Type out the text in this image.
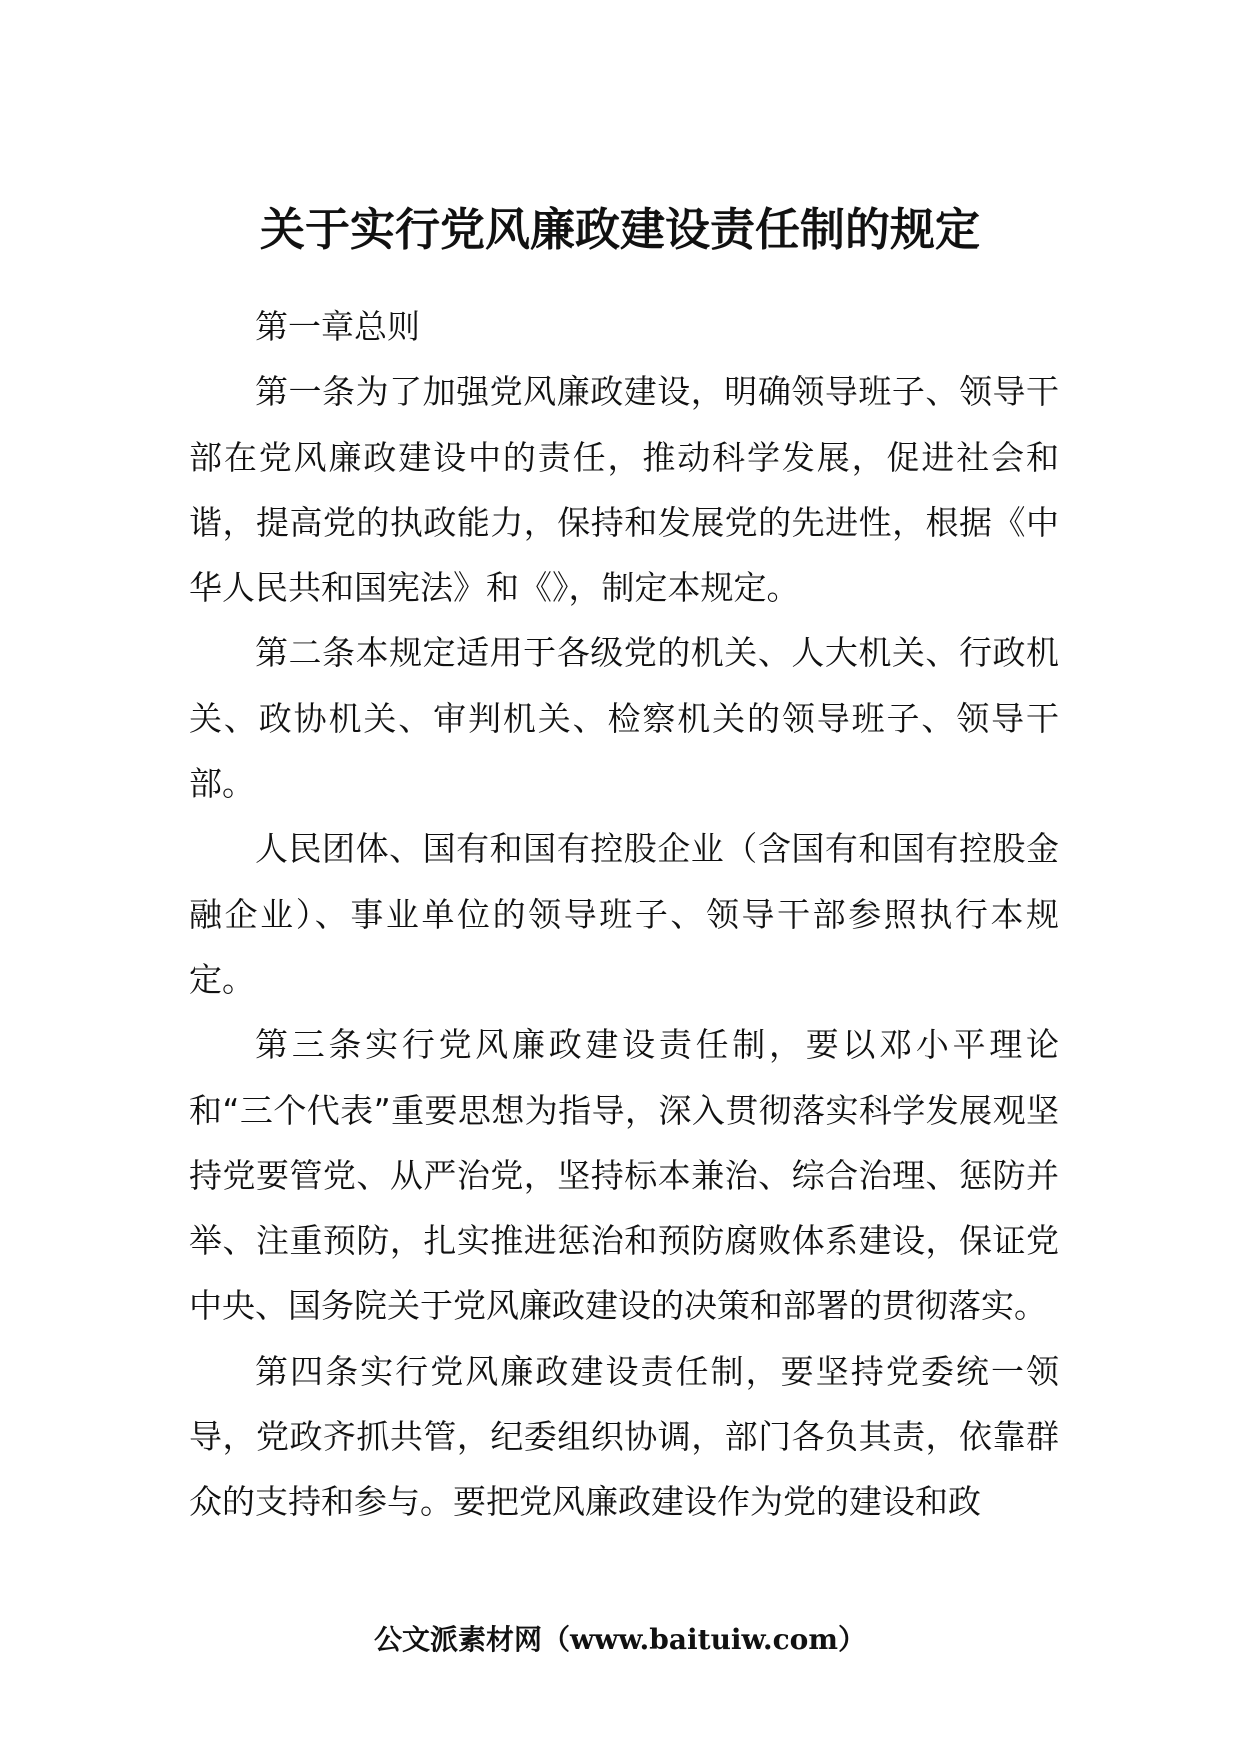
关于实行党风廉政建设责任制的规定

第一章总则

第一条为了加强党风廉政建设，明确领导班子、领导干部在党风廉政建设中的责任，推动科学发展，促进社会和谐，提高党的执政能力，保持和发展党的先进性，根据《中华人民共和国宪法》和《》，制定本规定。

第二条本规定适用于各级党的机关、人大机关、行政机关、政协机关、审判机关、检察机关的领导班子、领导干部。

人民团体、国有和国有控股企业（含国有和国有控股金融企业）、事业单位的领导班子、领导干部参照执行本规定。

第三条实行党风廉政建设责任制，要以邓小平理论和“三个代表”重要思想为指导，深入贯彻落实科学发展观坚持党要管党、从严治党，坚持标本兼治、综合治理、惩防并举、注重预防，扎实推进惩治和预防腐败体系建设，保证党中央、国务院关于党风廉政建设的决策和部署的贯彻落实。

第四条实行党风廉政建设责任制，要坚持党委统一领导，党政齐抓共管，纪委组织协调，部门各负其责，依靠群众的支持和参与。要把党风廉政建设作为党的建设和政

公文派素材网（www.baituiw.com）
